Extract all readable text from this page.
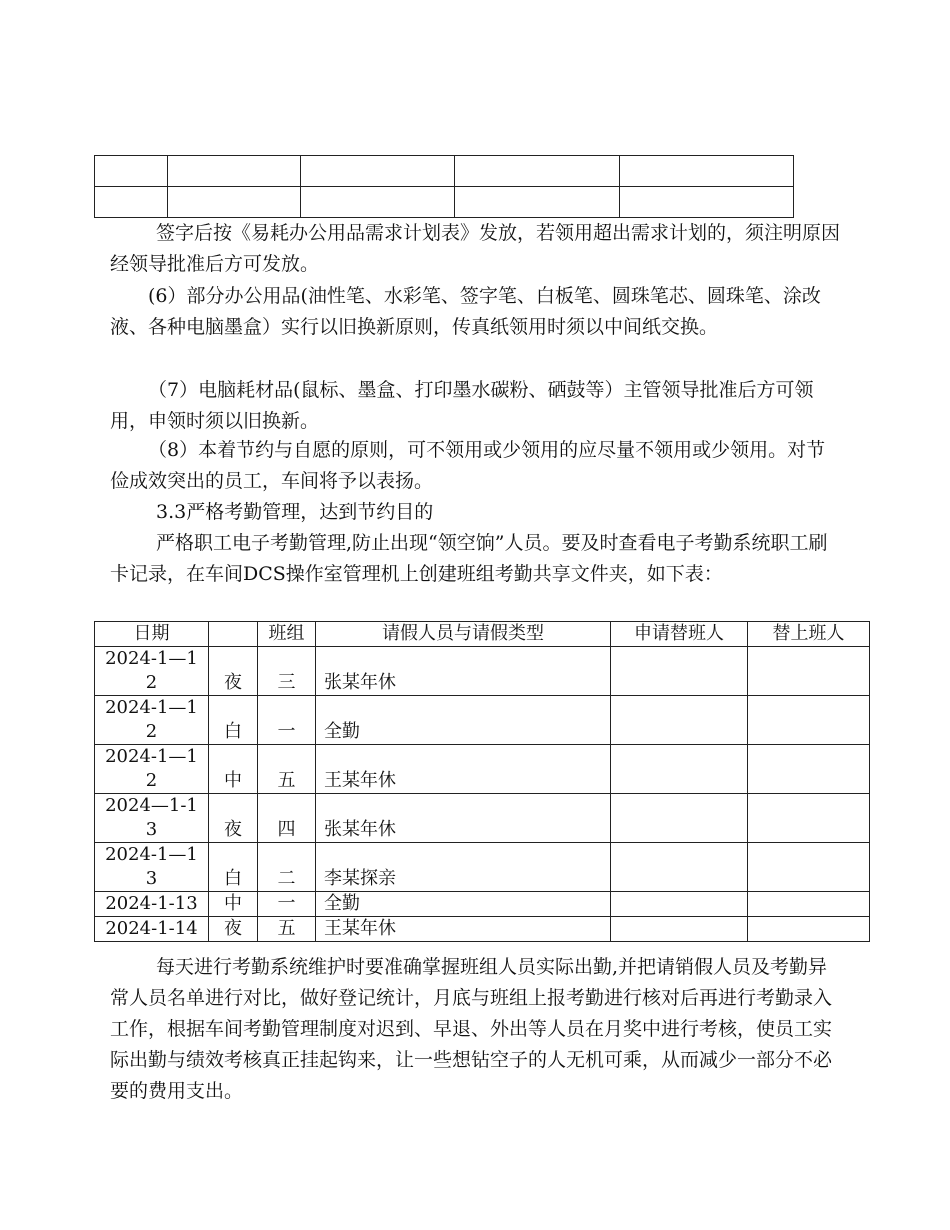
签字后按《易耗办公用品需求计划表》发放，若领用超出需求计划的，须注明原因经领导批准后方可发放。

(6）部分办公用品(油性笔、水彩笔、签字笔、白板笔、圆珠笔芯、圆珠笔、涂改液、各种电脑墨盒）实行以旧换新原则，传真纸领用时须以中间纸交换。

（7）电脑耗材品(鼠标、墨盒、打印墨水碳粉、硒鼓等）主管领导批准后方可领用，申领时须以旧换新。

（8）本着节约与自愿的原则，可不领用或少领用的应尽量不领用或少领用。对节俭成效突出的员工，车间将予以表扬。

3.3严格考勤管理，达到节约目的

严格职工电子考勤管理,防止出现“领空饷”人员。要及时查看电子考勤系统职工刷卡记录，在车间DCS操作室管理机上创建班组考勤共享文件夹，如下表：

日期		班组	请假人员与请假类型	申请替班人	替上班人

2024-1—1
2	夜	三	张某年休		

2024-1—1
2	白	一	全勤		

2024-1—1
2	中	五	王某年休		

2024—1-1
3	夜	四	张某年休		

2024-1—1
3	白	二	李某探亲		
2024-1-13	中	一	全勤		
2024-1-14	夜	五	王某年休		

每天进行考勤系统维护时要准确掌握班组人员实际出勤,并把请销假人员及考勤异常人员名单进行对比，做好登记统计，月底与班组上报考勤进行核对后再进行考勤录入工作，根据车间考勤管理制度对迟到、早退、外出等人员在月奖中进行考核，使员工实际出勤与绩效考核真正挂起钩来，让一些想钻空子的人无机可乘，从而减少一部分不必要的费用支出。
